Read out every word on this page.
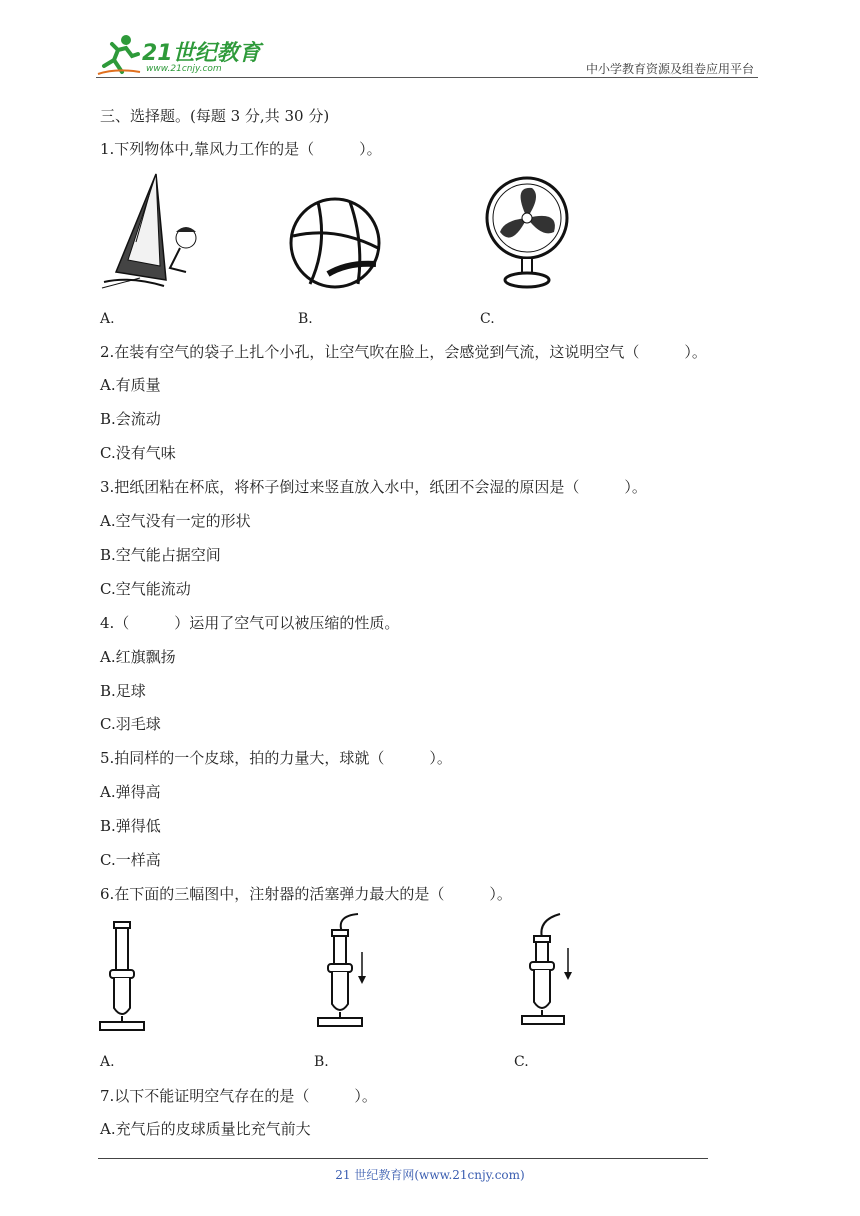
21世纪教育
www.21cnjy.com	中小学教育资源及组卷应用平台
三、选择题。(每题 3 分,共 30 分)
1.下列物体中,靠风力工作的是（　　　）。
A.	B.	C.
2.在装有空气的袋子上扎个小孔，让空气吹在脸上，会感觉到气流，这说明空气（　　　）。
A.有质量
B.会流动
C.没有气味
3.把纸团粘在杯底，将杯子倒过来竖直放入水中，纸团不会湿的原因是（　　　）。
A.空气没有一定的形状
B.空气能占据空间
C.空气能流动
4.（　　　）运用了空气可以被压缩的性质。
A.红旗飘扬
B.足球
C.羽毛球
5.拍同样的一个皮球，拍的力量大，球就（　　　）。
A.弹得高
B.弹得低
C.一样高
6.在下面的三幅图中，注射器的活塞弹力最大的是（　　　）。
A.	B.	C.
7.以下不能证明空气存在的是（　　　）。
A.充气后的皮球质量比充气前大
21 世纪教育网(www.21cnjy.com)
